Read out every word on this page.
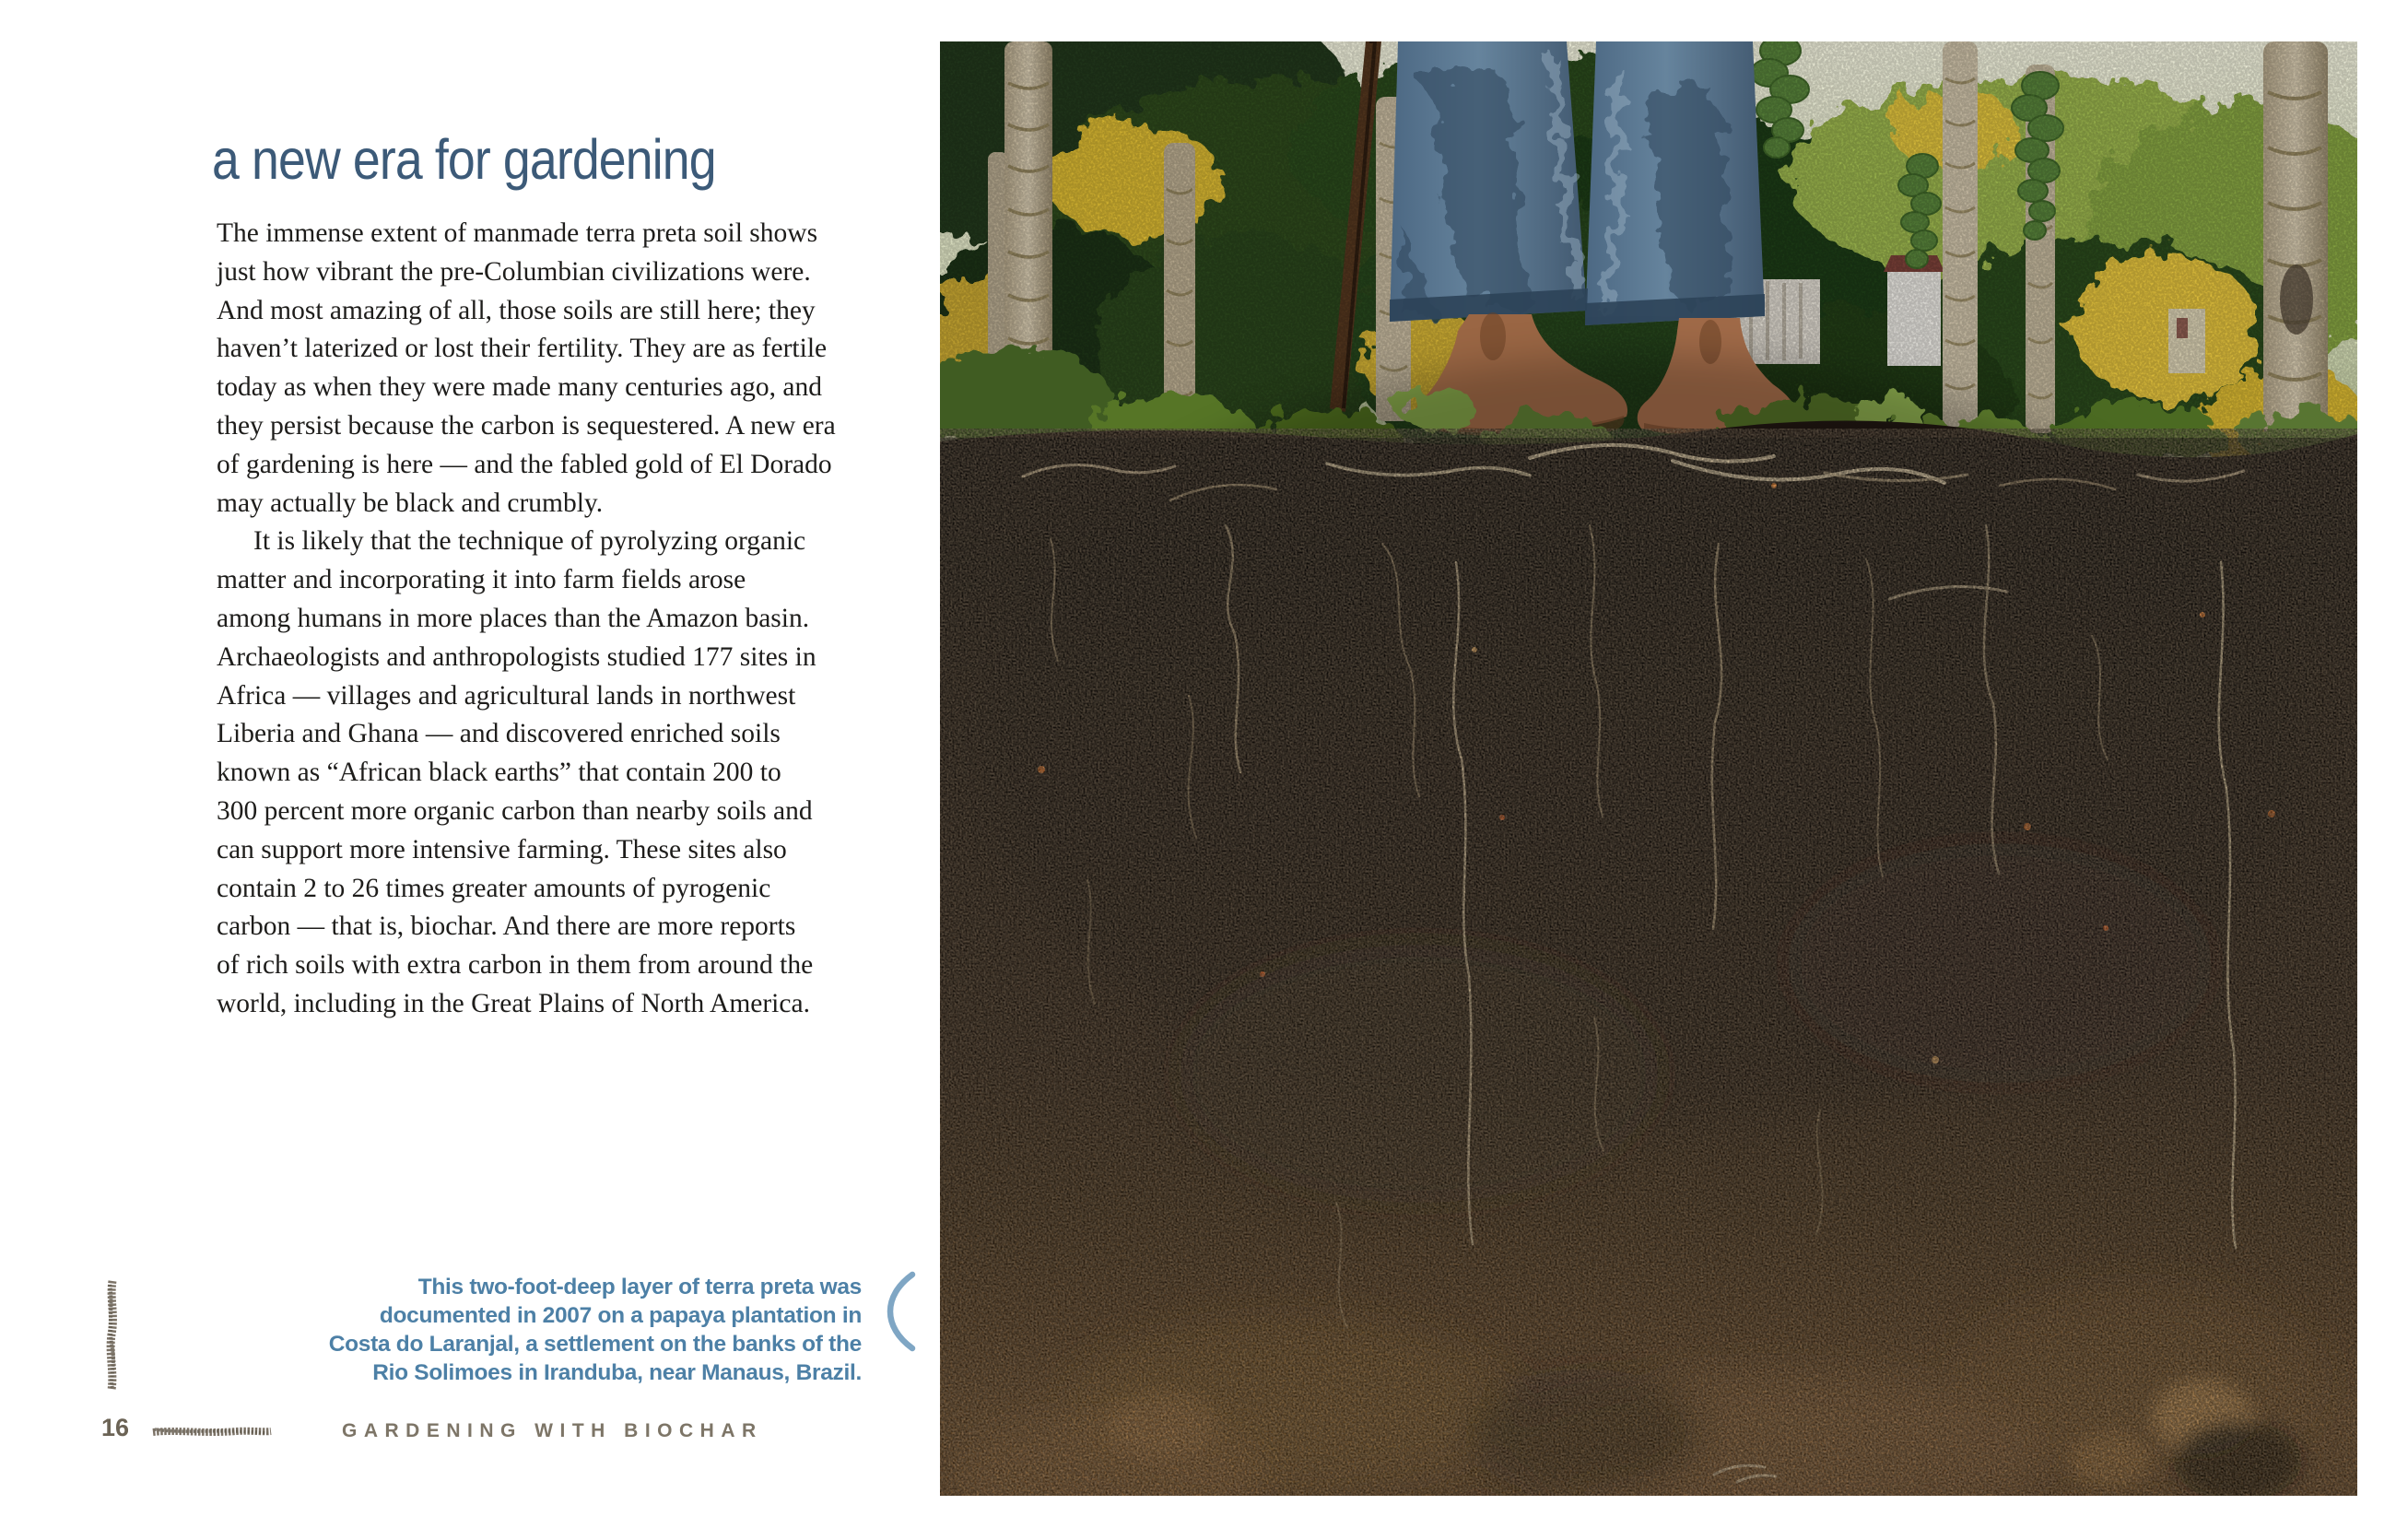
a new era for gardening
The immense extent of manmade terra preta soil shows
just how vibrant the pre-Columbian civilizations were.
And most amazing of all, those soils are still here; they
haven’t laterized or lost their fertility. They are as fertile
today as when they were made many centuries ago, and
they persist because the carbon is sequestered. A new era
of gardening is here — and the fabled gold of El Dorado
may actually be black and crumbly.
It is likely that the technique of pyrolyzing organic
matter and incorporating it into farm fields arose
among humans in more places than the Amazon basin.
Archaeologists and anthropologists studied 177 sites in
Africa — villages and agricultural lands in northwest
Liberia and Ghana — and discovered enriched soils
known as “African black earths” that contain 200 to
300 percent more organic carbon than nearby soils and
can support more intensive farming. These sites also
contain 2 to 26 times greater amounts of pyrogenic
carbon — that is, biochar. And there are more reports
of rich soils with extra carbon in them from around the
world, including in the Great Plains of North America.
This two-foot-deep layer of terra preta was
documented in 2007 on a papaya plantation in
Costa do Laranjal, a settlement on the banks of the
Rio Solimoes in Iranduba, near Manaus, Brazil.
16	GARDENING WITH BIOCHAR
